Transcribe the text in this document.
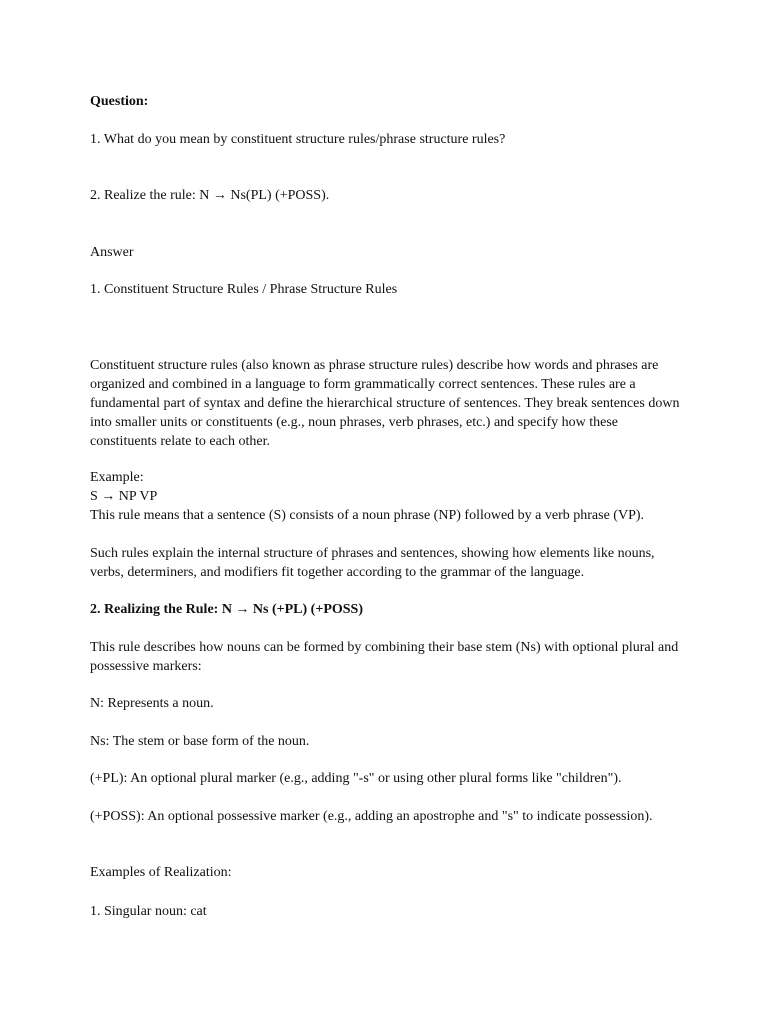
Question:

1. What do you mean by constituent structure rules/phrase structure rules?

2. Realize the rule: N → Ns(PL) (+POSS).

Answer

1. Constituent Structure Rules / Phrase Structure Rules

Constituent structure rules (also known as phrase structure rules) describe how words and phrases are

organized and combined in a language to form grammatically correct sentences. These rules are a

fundamental part of syntax and define the hierarchical structure of sentences. They break sentences down

into smaller units or constituents (e.g., noun phrases, verb phrases, etc.) and specify how these

constituents relate to each other.

Example:

S → NP VP

This rule means that a sentence (S) consists of a noun phrase (NP) followed by a verb phrase (VP).

Such rules explain the internal structure of phrases and sentences, showing how elements like nouns,

verbs, determiners, and modifiers fit together according to the grammar of the language.

2. Realizing the Rule: N → Ns (+PL) (+POSS)

This rule describes how nouns can be formed by combining their base stem (Ns) with optional plural and

possessive markers:

N: Represents a noun.

Ns: The stem or base form of the noun.

(+PL): An optional plural marker (e.g., adding "-s" or using other plural forms like "children").

(+POSS): An optional possessive marker (e.g., adding an apostrophe and "s" to indicate possession).

Examples of Realization:

1. Singular noun: cat
